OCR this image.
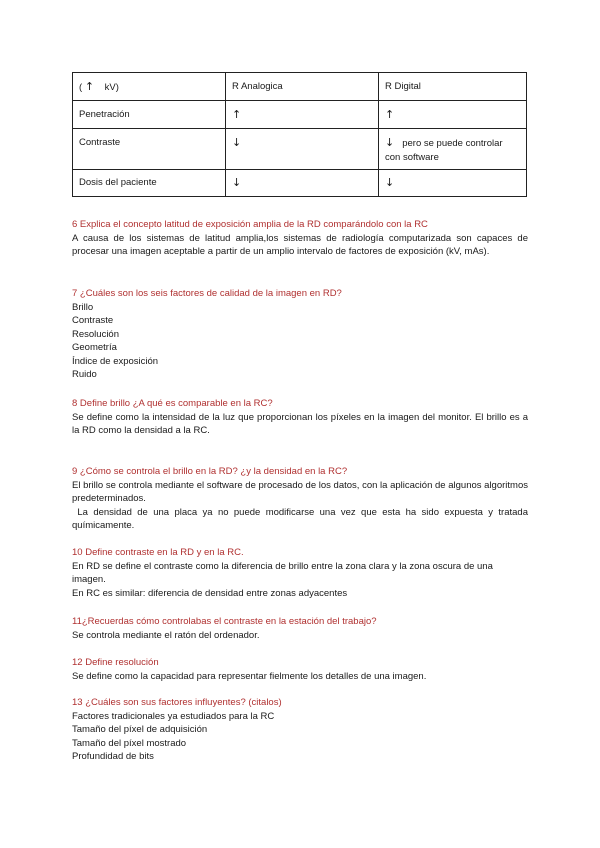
( ↑ kV)	R Analogica	R Digital
Penetración	↑	↑
Contraste	↓	↓ pero se puede controlar con software
Dosis del paciente	↓	↓

6 Explica el concepto latitud de exposición amplia de la RD comparándolo con la RC

A causa de los sistemas de latitud amplia,los sistemas de radiología computarizada son capaces de procesar una imagen aceptable a partir de un amplio intervalo de factores de exposición (kV, mAs).

7 ¿Cuáles son los seis factores de calidad de la imagen en RD?

Brillo

Contraste

Resolución

Geometría

Índice de exposición

Ruido

8 Define brillo ¿A qué es comparable en la RC?

Se define como la intensidad de la luz que proporcionan los píxeles en la imagen del monitor. El brillo es a la RD como la densidad a la RC.

9 ¿Cómo se controla el brillo en la RD? ¿y la densidad en la RC?

El brillo se controla mediante el software de procesado de los datos, con la aplicación de algunos algoritmos predeterminados.

La densidad de una placa ya no puede modificarse una vez que esta ha sido expuesta y tratada químicamente.

10 Define contraste en la RD y en la RC.

En RD se define el contraste como la diferencia de brillo entre la zona clara y la zona oscura de una imagen.

En RC es similar: diferencia de densidad entre zonas adyacentes

11¿Recuerdas cómo controlabas el contraste en la estación del trabajo?

Se controla mediante el ratón del ordenador.

12 Define resolución

Se define como la capacidad para representar fielmente los detalles de una imagen.

13 ¿Cuáles son sus factores influyentes? (citalos)

Factores tradicionales ya estudiados para la RC

Tamaño del píxel de adquisición

Tamaño del píxel mostrado

Profundidad de bits
